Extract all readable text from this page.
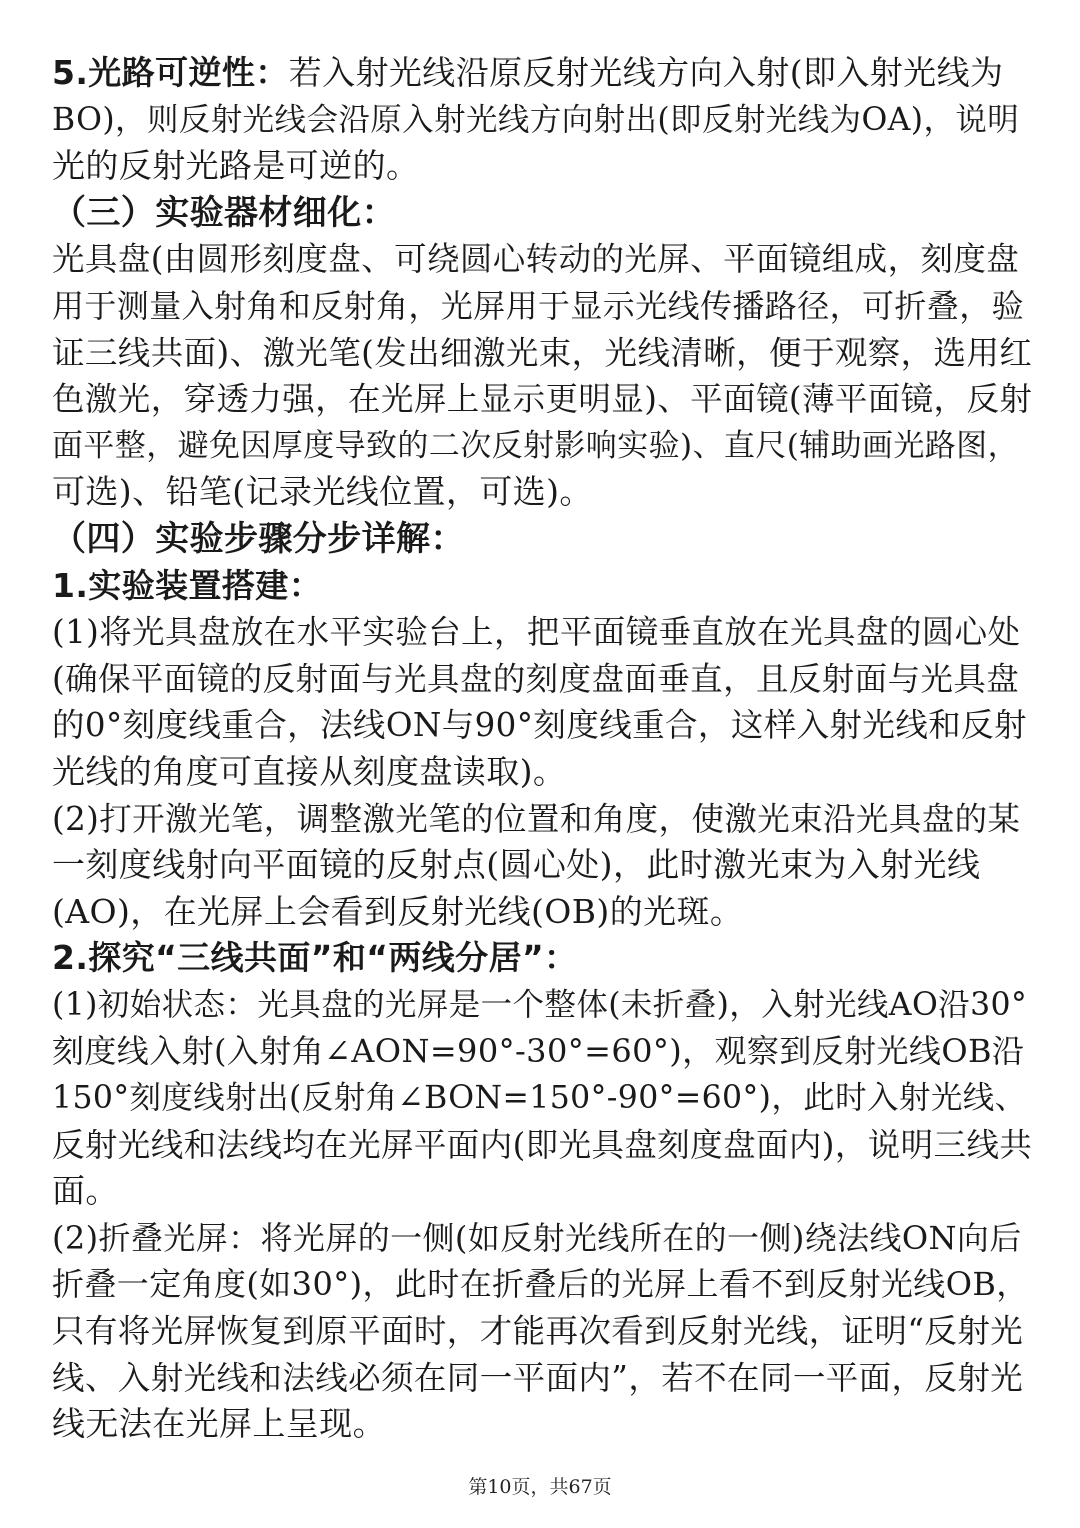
5.光路可逆性：若入射光线沿原反射光线方向入射(即入射光线为
BO)，则反射光线会沿原入射光线方向射出(即反射光线为OA)，说明
光的反射光路是可逆的。
（三）实验器材细化：
光具盘(由圆形刻度盘、可绕圆心转动的光屏、平面镜组成，刻度盘
用于测量入射角和反射角，光屏用于显示光线传播路径，可折叠，验
证三线共面)、激光笔(发出细激光束，光线清晰，便于观察，选用红
色激光，穿透力强，在光屏上显示更明显)、平面镜(薄平面镜，反射
面平整，避免因厚度导致的二次反射影响实验)、直尺(辅助画光路图，
可选)、铅笔(记录光线位置，可选)。
（四）实验步骤分步详解：
1.实验装置搭建：
(1)将光具盘放在水平实验台上，把平面镜垂直放在光具盘的圆心处
(确保平面镜的反射面与光具盘的刻度盘面垂直，且反射面与光具盘
的0°刻度线重合，法线ON与90°刻度线重合，这样入射光线和反射
光线的角度可直接从刻度盘读取)。
(2)打开激光笔，调整激光笔的位置和角度，使激光束沿光具盘的某
一刻度线射向平面镜的反射点(圆心处)，此时激光束为入射光线
(AO)，在光屏上会看到反射光线(OB)的光斑。
2.探究“三线共面”和“两线分居”：
(1)初始状态：光具盘的光屏是一个整体(未折叠)，入射光线AO沿30°
刻度线入射(入射角∠AON=90°-30°=60°)，观察到反射光线OB沿
150°刻度线射出(反射角∠BON=150°-90°=60°)，此时入射光线、
反射光线和法线均在光屏平面内(即光具盘刻度盘面内)，说明三线共
面。
(2)折叠光屏：将光屏的一侧(如反射光线所在的一侧)绕法线ON向后
折叠一定角度(如30°)，此时在折叠后的光屏上看不到反射光线OB，
只有将光屏恢复到原平面时，才能再次看到反射光线，证明“反射光
线、入射光线和法线必须在同一平面内”，若不在同一平面，反射光
线无法在光屏上呈现。
第10页，共67页
